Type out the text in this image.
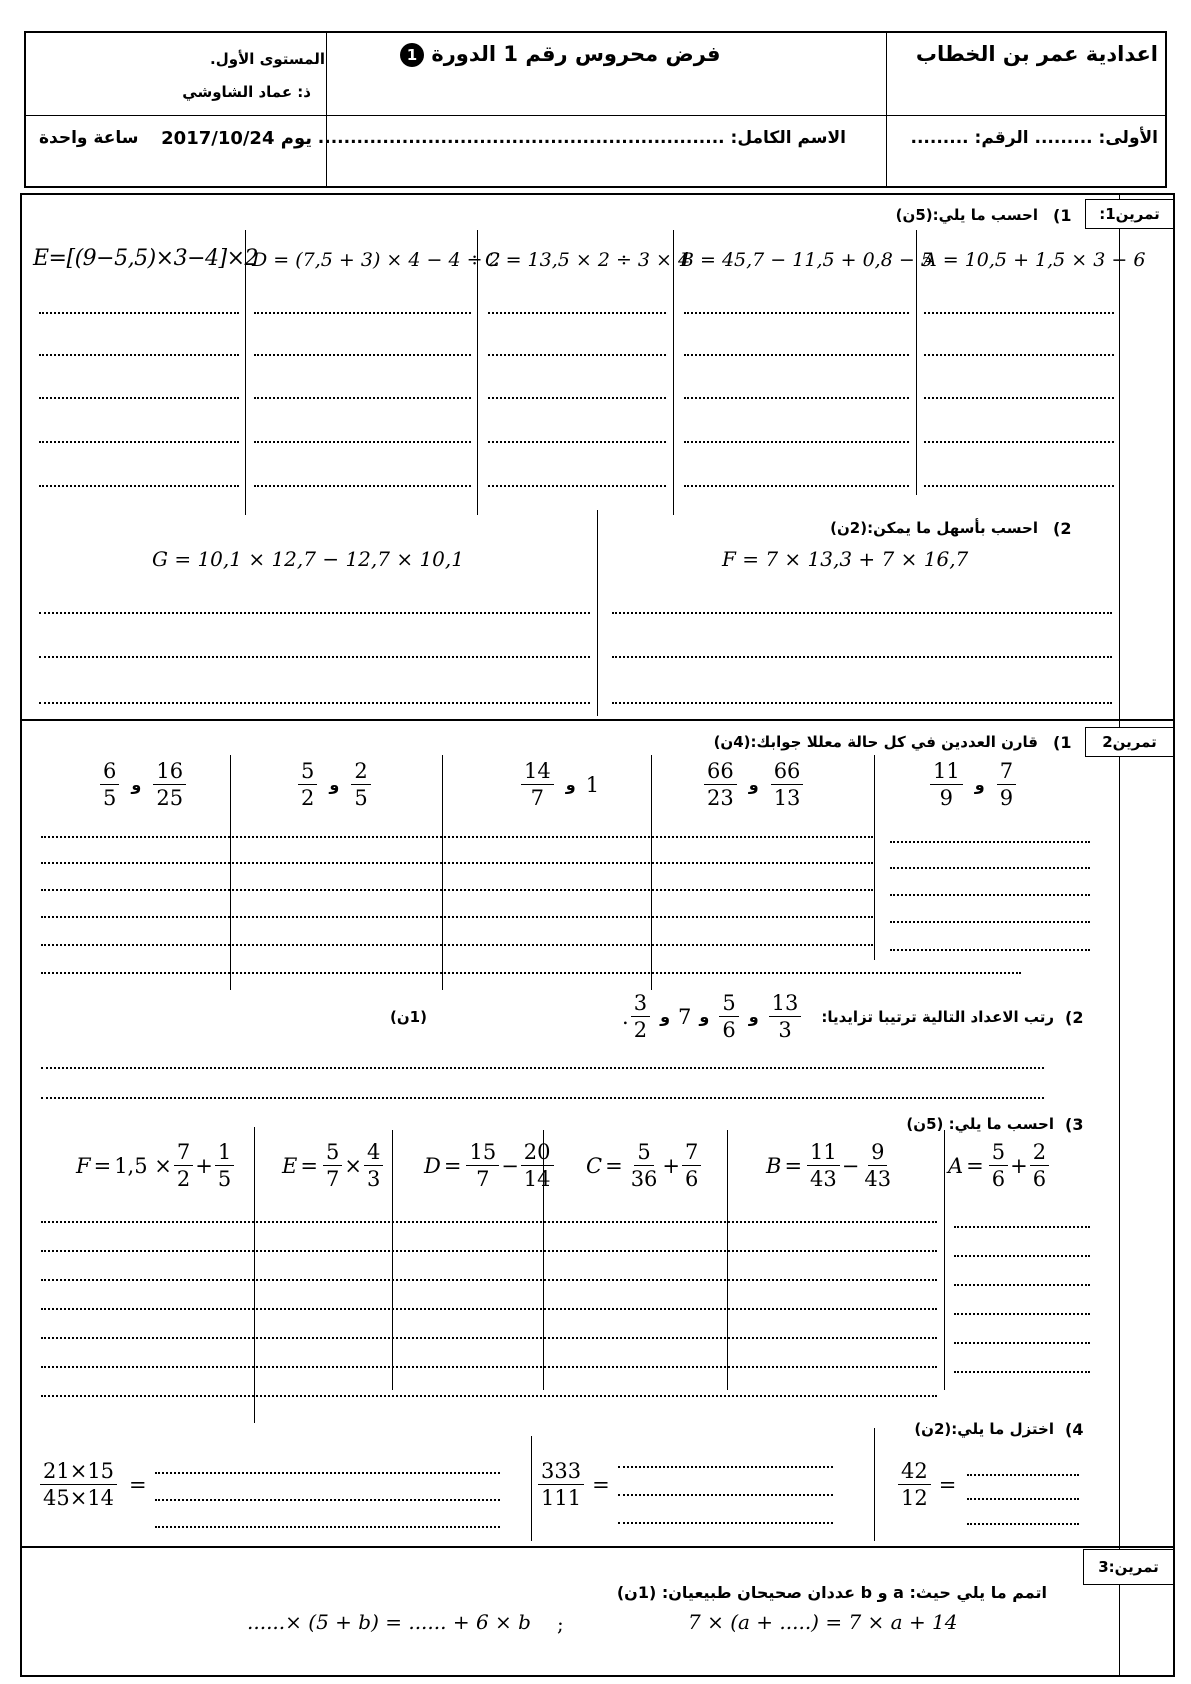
اعدادية عمر بن الخطاب
فرض محروس رقم 1 الدورة 1
المستوى الأول.
ذ: عماد الشاوشي
الأولى: ......... الرقم: .........
الاسم الكامل: ...............................................................
يوم 2017/10/24
ساعة واحدة
تمرين1:
1)
احسب ما يلي:(5ن)
A = 10,5 + 1,5 × 3 − 6
B = 45,7 − 11,5 + 0,8 − 5
C = 13,5 × 2 ÷ 3 × 4
D = (7,5 + 3) × 4 − 4 ÷ 2
E=[(9−5,5)×3−4]×2
2)
احسب بأسهل ما يمكن:(2ن)
F = 7 × 13,3 + 7 × 16,7
G = 10,1 × 12,7 − 12,7 × 10,1
تمرين2
1)
قارن العددين في كل حالة معللا جوابك:(4ن)
$\frac{11}{9}$ و $\frac{7}{9}$
$\frac{66}{23}$ و $\frac{66}{13}$
$\frac{14}{7}$ و 1
$\frac{5}{2}$ و $\frac{2}{5}$
$\frac{6}{5}$ و $\frac{16}{25}$
2)
رتب الاعداد التالية ترتيبا تزايديا:
. $\frac{3}{2}$ و 7 و $\frac{5}{6}$ و $\frac{13}{3}$
(1ن)
3)
احسب ما يلي: (5ن)
$A = \frac{5}{6} + \frac{2}{6}$
$B = \frac{11}{43} - \frac{9}{43}$
$C = \frac{5}{36} + \frac{7}{6}$
$D = \frac{15}{7} - \frac{20}{14}$
$E = \frac{5}{7} \times \frac{4}{3}$
$F = 1,5 \times \frac{7}{2} + \frac{1}{5}$
4)
اختزل ما يلي:(2ن)
$\frac{42}{12}$ =
$\frac{333}{111}$ =
$\frac{21\times 15}{45\times 14}$ =
تمرين:3
اتمم ما يلي حيث: a و b عددان صحيحان طبيعيان: (1ن)
7 × (a + .....) = 7 × a + 14
;
......× (5 + b) = ...... + 6 × b
